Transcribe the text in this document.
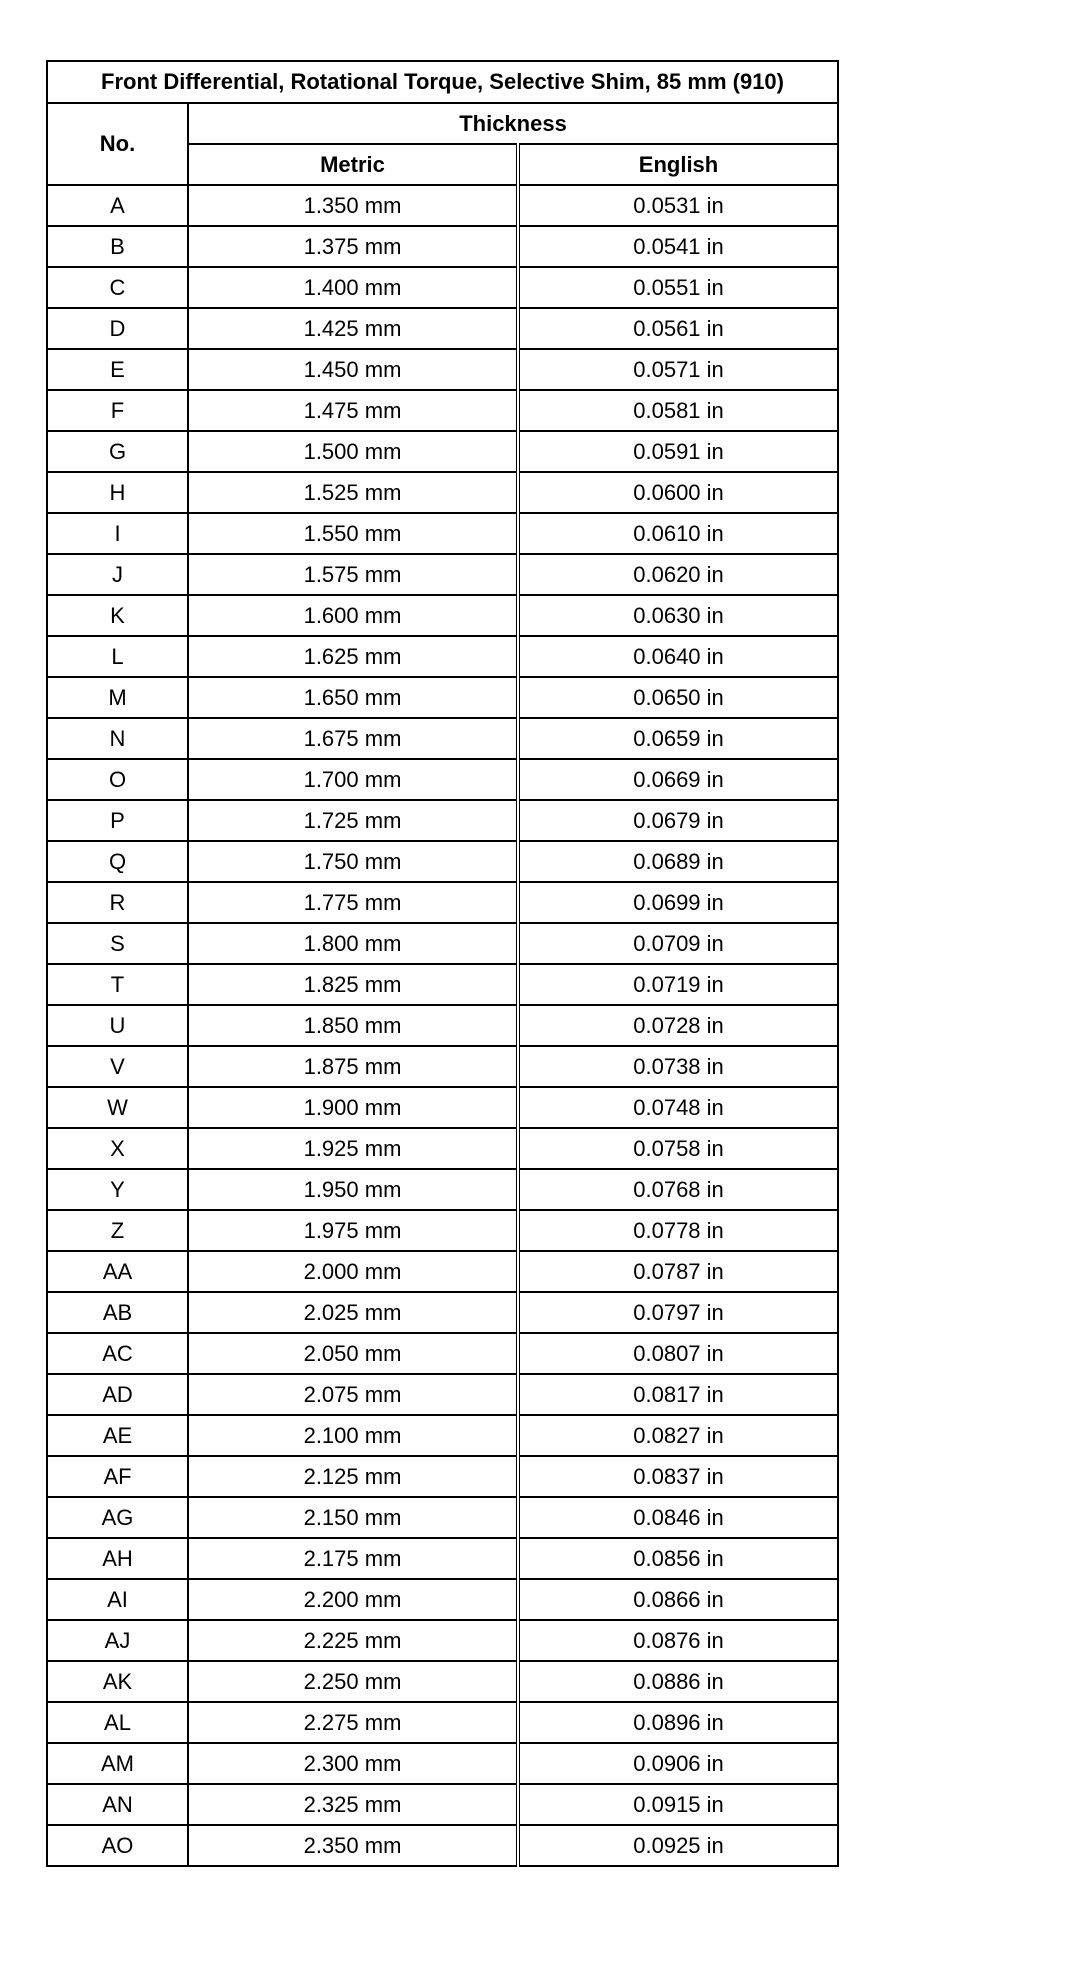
Front Differential, Rotational Torque, Selective Shim, 85 mm (910)		
No.	Thickness	
	Metric	English
A	1.350 mm	0.0531 in
B	1.375 mm	0.0541 in
C	1.400 mm	0.0551 in
D	1.425 mm	0.0561 in
E	1.450 mm	0.0571 in
F	1.475 mm	0.0581 in
G	1.500 mm	0.0591 in
H	1.525 mm	0.0600 in
I	1.550 mm	0.0610 in
J	1.575 mm	0.0620 in
K	1.600 mm	0.0630 in
L	1.625 mm	0.0640 in
M	1.650 mm	0.0650 in
N	1.675 mm	0.0659 in
O	1.700 mm	0.0669 in
P	1.725 mm	0.0679 in
Q	1.750 mm	0.0689 in
R	1.775 mm	0.0699 in
S	1.800 mm	0.0709 in
T	1.825 mm	0.0719 in
U	1.850 mm	0.0728 in
V	1.875 mm	0.0738 in
W	1.900 mm	0.0748 in
X	1.925 mm	0.0758 in
Y	1.950 mm	0.0768 in
Z	1.975 mm	0.0778 in
AA	2.000 mm	0.0787 in
AB	2.025 mm	0.0797 in
AC	2.050 mm	0.0807 in
AD	2.075 mm	0.0817 in
AE	2.100 mm	0.0827 in
AF	2.125 mm	0.0837 in
AG	2.150 mm	0.0846 in
AH	2.175 mm	0.0856 in
AI	2.200 mm	0.0866 in
AJ	2.225 mm	0.0876 in
AK	2.250 mm	0.0886 in
AL	2.275 mm	0.0896 in
AM	2.300 mm	0.0906 in
AN	2.325 mm	0.0915 in
AO	2.350 mm	0.0925 in
